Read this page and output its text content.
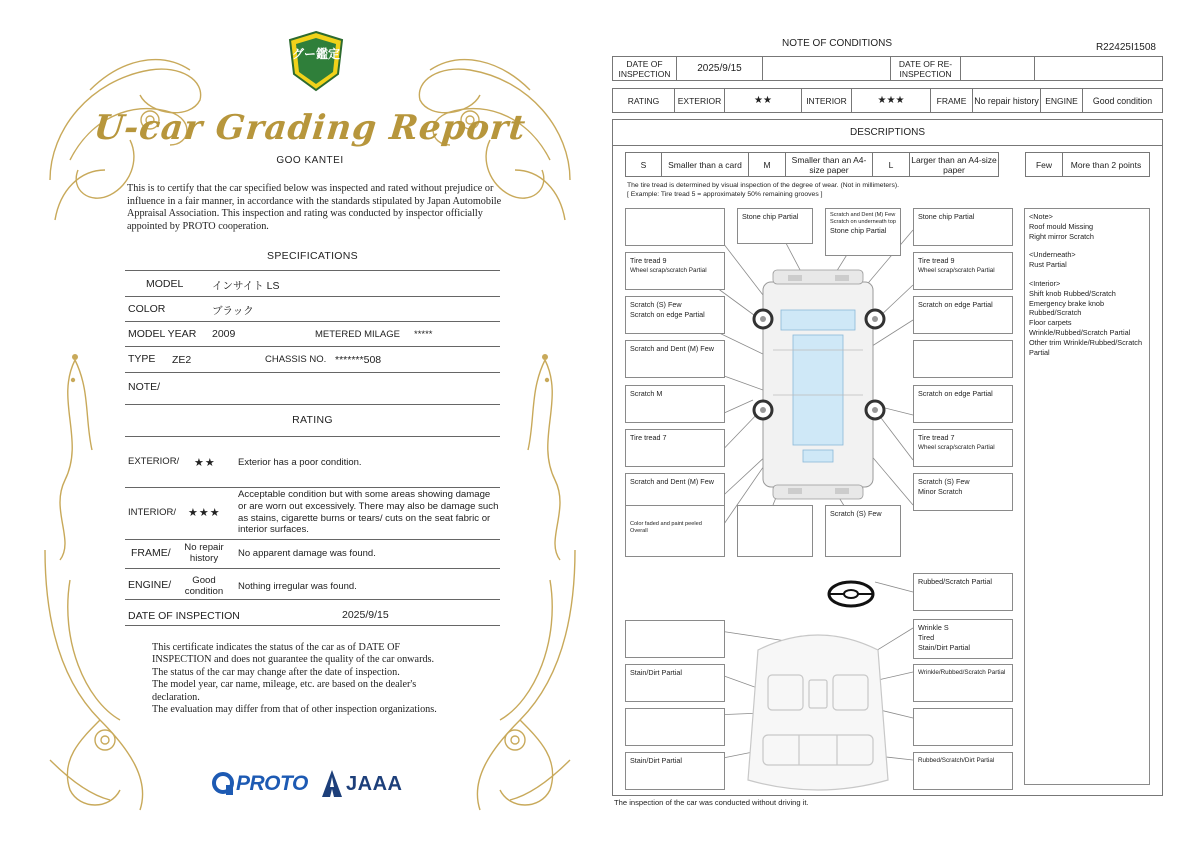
グー鑑定
U-car Grading Report
GOO KANTEI
This is to certify that the car specified below was inspected and rated without prejudice or influence in a fair manner, in accordance with the standards stipulated by Japan Automobile Appraisal Association. This inspection and rating was conducted by inspector officially appointed by PROTO cooperation.
SPECIFICATIONS
MODEL	インサイト LS
COLOR	ブラック
MODEL YEAR 2009	METERED MILAGE *****
TYPE ZE2	CHASSIS NO. *******508
NOTE/
RATING
EXTERIOR/ ★★ Exterior has a poor condition.
INTERIOR/ ★★★
Acceptable condition but with some areas showing damage or are worn out excessively. There may also be damage such as stains, cigarette burns or tears/ cuts on the seat fabric or interior surfaces.
FRAME/	No repair history	No apparent damage was found.
ENGINE/	Good condition	Nothing irregular was found.
DATE OF INSPECTION	2025/9/15
This certificate indicates the status of the car as of DATE OF
INSPECTION and does not guarantee the quality of the car onwards.
The status of the car may change after the date of inspection.
The model year, car name, mileage, etc. are based on the dealer's
declaration.
The evaluation may differ from that of other inspection organizations.
PROTO JAAA
NOTE OF CONDITIONS	R22425I1508
DATE OF INSPECTION	2025/9/15		DATE OF RE-INSPECTION		
RATING	EXTERIOR	★★	INTERIOR	★★★	FRAME	No repair history	ENGINE	Good condition
DESCRIPTIONS
S	Smaller than a card	M	Smaller than an A4-size paper	L	Larger than an A4-size paper	Few	More than 2 points
The tire tread is determined by visual inspection of the degree of wear. (Not in millimeters).
[ Example: Tire tread 5 = approximately 50% remaining grooves ]
Tire tread 9
Wheel scrap/scratch Partial
Scratch (S) Few
Scratch on edge Partial
Scratch and Dent (M) Few
Scratch M
Tire tread 7
Scratch and Dent (M) Few
Color faded and paint peeled Overall
Stain/Dirt Partial
Stain/Dirt Partial
Stone chip Partial	Scratch and Dent (M) Few
Scratch on underneath top
Stone chip Partial
Scratch (S) Few
Stone chip Partial
Tire tread 9
Wheel scrap/scratch Partial
Scratch on edge Partial
Scratch on edge Partial
Tire tread 7
Wheel scrap/scratch Partial
Scratch (S) Few
Minor Scratch
Rubbed/Scratch Partial
Wrinkle S
Tired
Stain/Dirt Partial
Wrinkle/Rubbed/Scratch Partial
Rubbed/Scratch/Dirt Partial
<Note>
Roof mould Missing
Right mirror Scratch
<Underneath>
Rust Partial
<Interior>
Shift knob Rubbed/Scratch
Emergency brake knob Rubbed/Scratch
Floor carpets Wrinkle/Rubbed/Scratch Partial
Other trim Wrinkle/Rubbed/Scratch Partial
The inspection of the car was conducted without driving it.
